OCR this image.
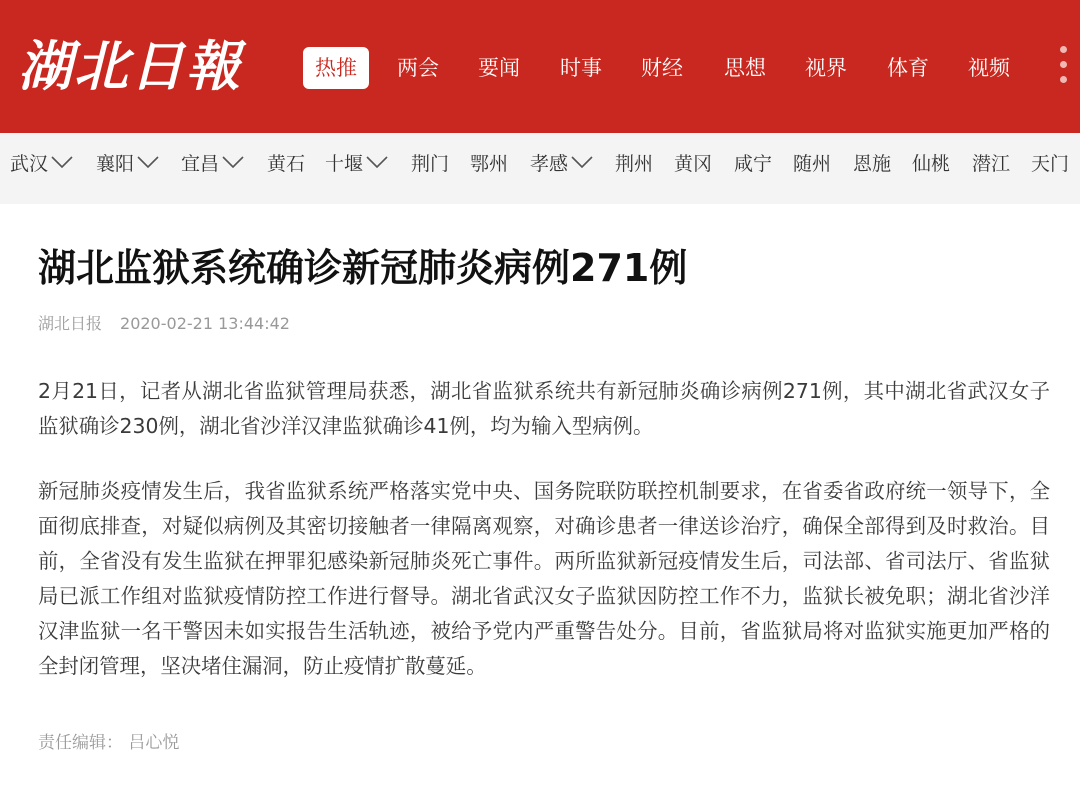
湖北日報	热推	两会 要闻 时事 财经 思想 视界 体育 视频
武汉	襄阳	宜昌	黄石 十堰	荆门 鄂州 孝感	荆州 黄冈 咸宁 随州 恩施 仙桃 潜江 天门
湖北监狱系统确诊新冠肺炎病例271例
湖北日报 2020-02-21 13:44:42

2月21日，记者从湖北省监狱管理局获悉，湖北省监狱系统共有新冠肺炎确诊病例271例，其中湖北省武汉女子监狱确诊230例，湖北省沙洋汉津监狱确诊41例，均为输入型病例。

新冠肺炎疫情发生后，我省监狱系统严格落实党中央、国务院联防联控机制要求，在省委省政府统一领导下，全面彻底排查，对疑似病例及其密切接触者一律隔离观察，对确诊患者一律送诊治疗，确保全部得到及时救治。目前，全省没有发生监狱在押罪犯感染新冠肺炎死亡事件。两所监狱新冠疫情发生后，司法部、省司法厅、省监狱局已派工作组对监狱疫情防控工作进行督导。湖北省武汉女子监狱因防控工作不力，监狱长被免职；湖北省沙洋汉津监狱一名干警因未如实报告生活轨迹，被给予党内严重警告处分。目前，省监狱局将对监狱实施更加严格的全封闭管理，坚决堵住漏洞，防止疫情扩散蔓延。

责任编辑： 吕心悦
